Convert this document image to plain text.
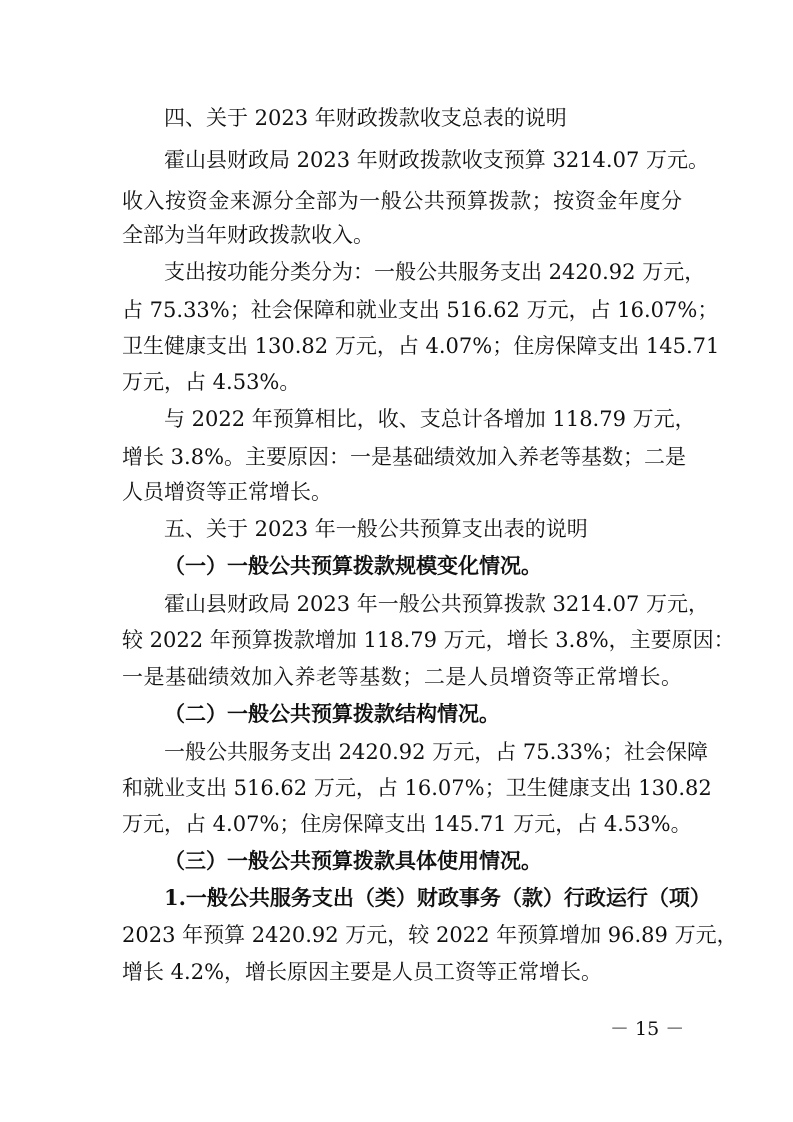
四、关于 2023 年财政拨款收支总表的说明
霍山县财政局 2023 年财政拨款收支预算 3214.07 万元。
收入按资金来源分全部为一般公共预算拨款；按资金年度分
全部为当年财政拨款收入。
支出按功能分类分为：一般公共服务支出 2420.92 万元，
占 75.33%；社会保障和就业支出 516.62 万元，占 16.07%；
卫生健康支出 130.82 万元，占 4.07%；住房保障支出 145.71
万元，占 4.53%。
与 2022 年预算相比，收、支总计各增加 118.79 万元，
增长 3.8%。主要原因：一是基础绩效加入养老等基数；二是
人员增资等正常增长。
五、关于 2023 年一般公共预算支出表的说明
（一）一般公共预算拨款规模变化情况。
霍山县财政局 2023 年一般公共预算拨款 3214.07 万元，
较 2022 年预算拨款增加 118.79 万元，增长 3.8%，主要原因：
一是基础绩效加入养老等基数；二是人员增资等正常增长。
（二）一般公共预算拨款结构情况。
一般公共服务支出 2420.92 万元，占 75.33%；社会保障
和就业支出 516.62 万元，占 16.07%；卫生健康支出 130.82
万元，占 4.07%；住房保障支出 145.71 万元，占 4.53%。
（三）一般公共预算拨款具体使用情况。
1.一般公共服务支出（类）财政事务（款）行政运行（项）
2023 年预算 2420.92 万元，较 2022 年预算增加 96.89 万元，
增长 4.2%，增长原因主要是人员工资等正常增长。
－ 15 －
